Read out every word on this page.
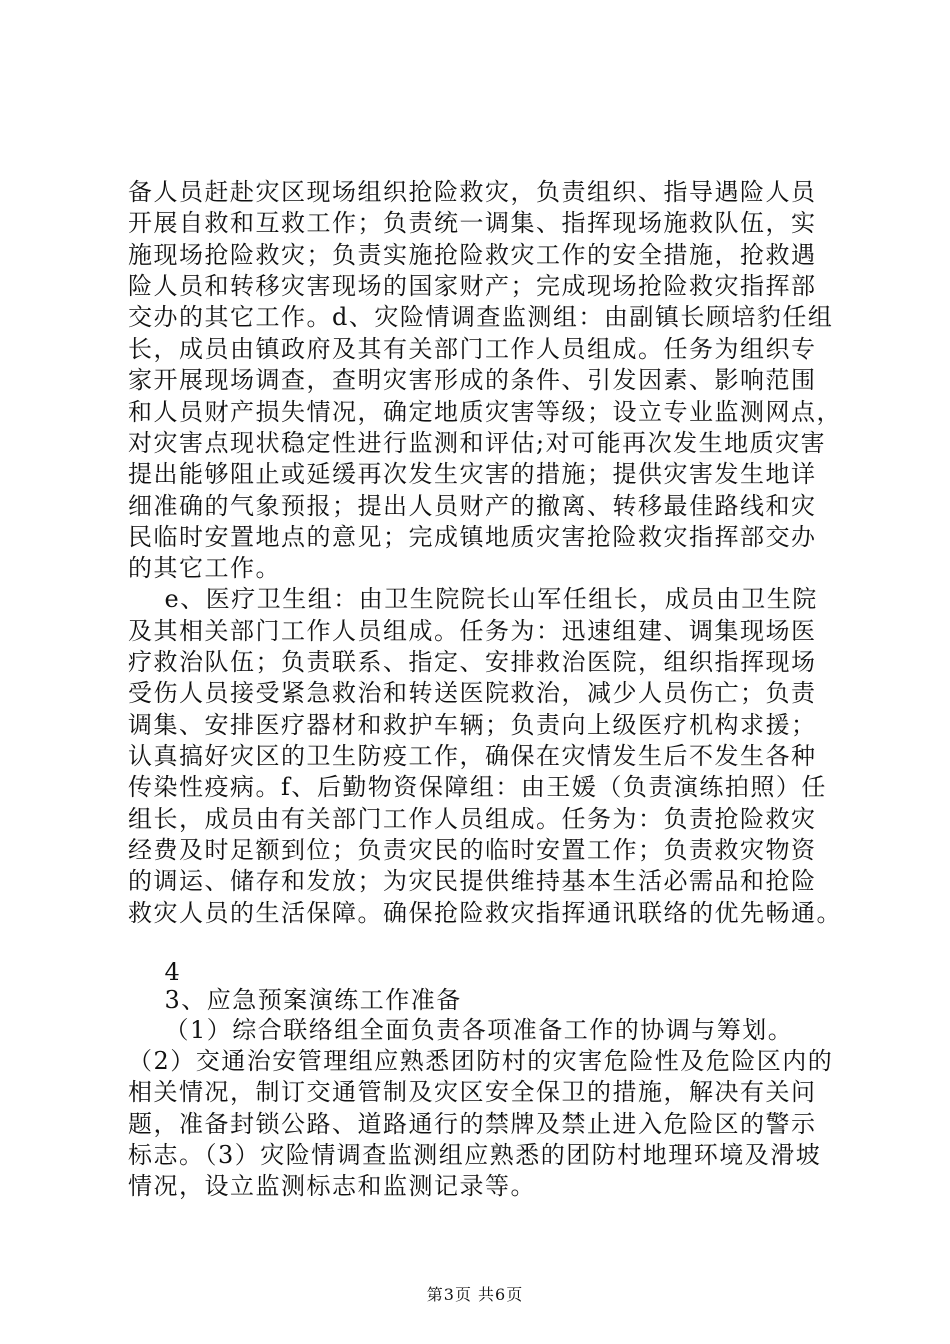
备人员赶赴灾区现场组织抢险救灾，负责组织、指导遇险人员
开展自救和互救工作；负责统一调集、指挥现场施救队伍，实
施现场抢险救灾；负责实施抢险救灾工作的安全措施，抢救遇
险人员和转移灾害现场的国家财产；完成现场抢险救灾指挥部
交办的其它工作。d、灾险情调查监测组：由副镇长顾培豹任组
长，成员由镇政府及其有关部门工作人员组成。任务为组织专
家开展现场调查，查明灾害形成的条件、引发因素、影响范围
和人员财产损失情况，确定地质灾害等级；设立专业监测网点，
对灾害点现状稳定性进行监测和评估;对可能再次发生地质灾害
提出能够阻止或延缓再次发生灾害的措施；提供灾害发生地详
细准确的气象预报；提出人员财产的撤离、转移最佳路线和灾
民临时安置地点的意见；完成镇地质灾害抢险救灾指挥部交办
的其它工作。
e、医疗卫生组：由卫生院院长山军任组长，成员由卫生院
及其相关部门工作人员组成。任务为：迅速组建、调集现场医
疗救治队伍；负责联系、指定、安排救治医院，组织指挥现场
受伤人员接受紧急救治和转送医院救治，减少人员伤亡；负责
调集、安排医疗器材和救护车辆；负责向上级医疗机构求援；
认真搞好灾区的卫生防疫工作，确保在灾情发生后不发生各种
传染性疫病。f、后勤物资保障组：由王媛（负责演练拍照）任
组长，成员由有关部门工作人员组成。任务为：负责抢险救灾
经费及时足额到位；负责灾民的临时安置工作；负责救灾物资
的调运、储存和发放；为灾民提供维持基本生活必需品和抢险
救灾人员的生活保障。确保抢险救灾指挥通讯联络的优先畅通。
4
3、应急预案演练工作准备
（1）综合联络组全面负责各项准备工作的协调与筹划。
（2）交通治安管理组应熟悉团防村的灾害危险性及危险区内的
相关情况，制订交通管制及灾区安全保卫的措施，解决有关问
题，准备封锁公路、道路通行的禁牌及禁止进入危险区的警示
标志。（3）灾险情调查监测组应熟悉的团防村地理环境及滑坡
情况，设立监测标志和监测记录等。
第3页 共6页
